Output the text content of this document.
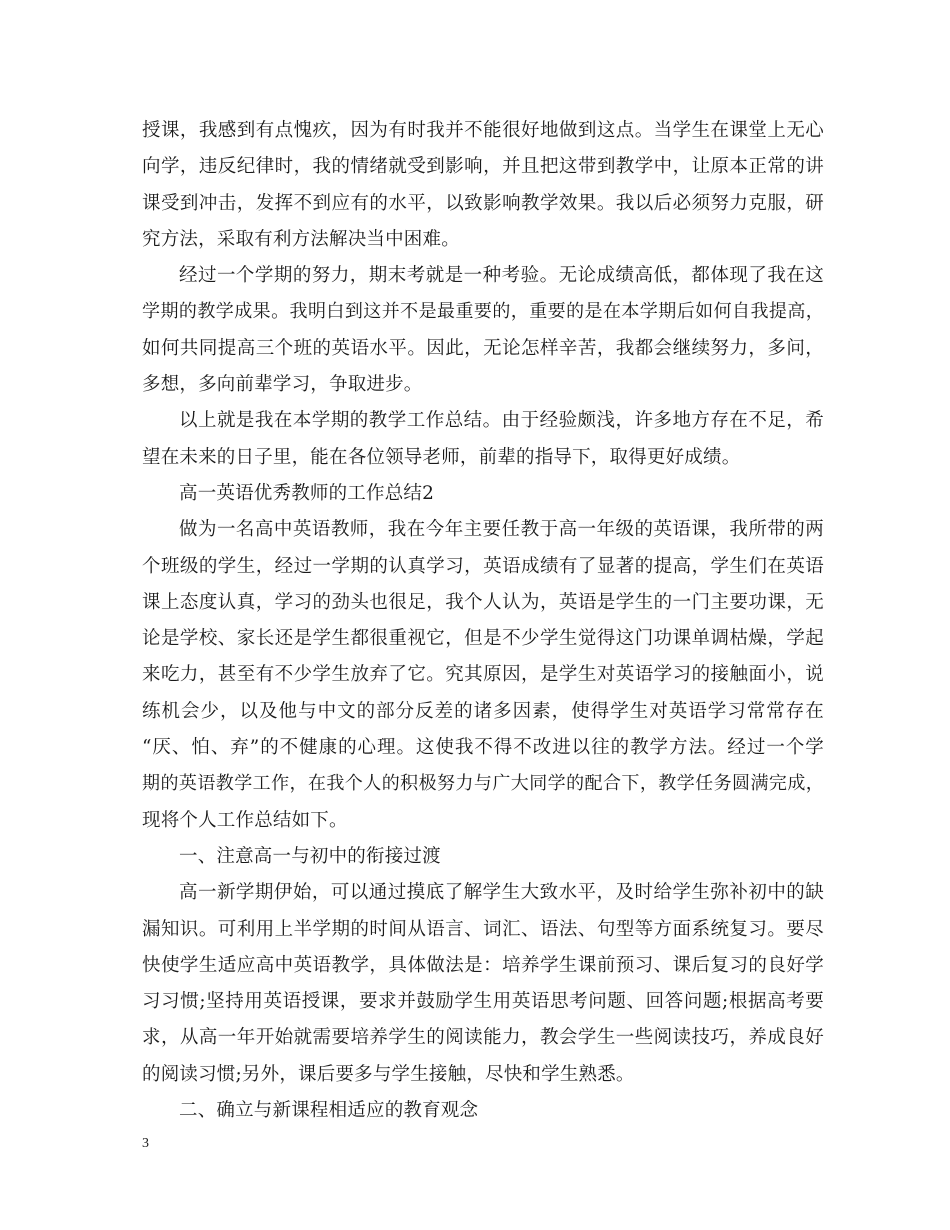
授课，我感到有点愧疚，因为有时我并不能很好地做到这点。当学生在课堂上无心
向学，违反纪律时，我的情绪就受到影响，并且把这带到教学中，让原本正常的讲
课受到冲击，发挥不到应有的水平，以致影响教学效果。我以后必须努力克服，研
究方法，采取有利方法解决当中困难。
经过一个学期的努力，期末考就是一种考验。无论成绩高低，都体现了我在这
学期的教学成果。我明白到这并不是最重要的，重要的是在本学期后如何自我提高，
如何共同提高三个班的英语水平。因此，无论怎样辛苦，我都会继续努力，多问，
多想，多向前辈学习，争取进步。
以上就是我在本学期的教学工作总结。由于经验颇浅，许多地方存在不足，希
望在未来的日子里，能在各位领导老师，前辈的指导下，取得更好成绩。
高一英语优秀教师的工作总结2
做为一名高中英语教师，我在今年主要任教于高一年级的英语课，我所带的两
个班级的学生，经过一学期的认真学习，英语成绩有了显著的提高，学生们在英语
课上态度认真，学习的劲头也很足，我个人认为，英语是学生的一门主要功课，无
论是学校、家长还是学生都很重视它，但是不少学生觉得这门功课单调枯燥，学起
来吃力，甚至有不少学生放弃了它。究其原因，是学生对英语学习的接触面小，说
练机会少，以及他与中文的部分反差的诸多因素，使得学生对英语学习常常存在
“厌、怕、弃”的不健康的心理。这使我不得不改进以往的教学方法。经过一个学
期的英语教学工作，在我个人的积极努力与广大同学的配合下，教学任务圆满完成，
现将个人工作总结如下。
一、注意高一与初中的衔接过渡
高一新学期伊始，可以通过摸底了解学生大致水平，及时给学生弥补初中的缺
漏知识。可利用上半学期的时间从语言、词汇、语法、句型等方面系统复习。要尽
快使学生适应高中英语教学，具体做法是：培养学生课前预习、课后复习的良好学
习习惯;坚持用英语授课，要求并鼓励学生用英语思考问题、回答问题;根据高考要
求，从高一年开始就需要培养学生的阅读能力，教会学生一些阅读技巧，养成良好
的阅读习惯;另外，课后要多与学生接触，尽快和学生熟悉。
二、确立与新课程相适应的教育观念
3
